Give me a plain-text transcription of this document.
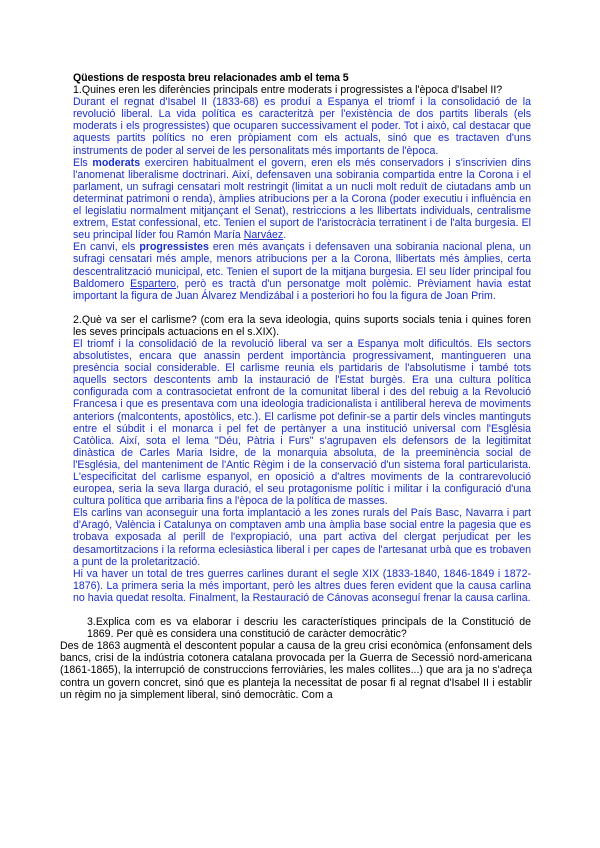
Qüestions de resposta breu relacionades amb el tema 5
1.Quines eren les diferències principals entre moderats i progressistes a l'època d'Isabel II?
Durant el regnat d'Isabel II (1833-68) es produí a Espanya el triomf i la consolidació de la revolució liberal. La vida política es caracteritzà per l'existència de dos partits liberals (els moderats i els progressistes) que ocuparen successivament el poder. Tot i això, cal destacar que aquests partits polítics no eren pròpiament com els actuals, sinó que es tractaven d'uns instruments de poder al servei de les personalitats més importants de l'època.
Els moderats exerciren habitualment el govern, eren els més conservadors i s'inscrivien dins l'anomenat liberalisme doctrinari. Així, defensaven una sobirania compartida entre la Corona i el parlament, un sufragi censatari molt restringit (limitat a un nucli molt reduït de ciutadans amb un determinat patrimoni o renda), àmplies atribucions per a la Corona (poder executiu i influència en el legislatiu normalment mitjançant el Senat), restriccions a les llibertats individuals, centralisme extrem, Estat confessional, etc. Tenien el suport de l'aristocràcia terratinent i de l'alta burgesia. El seu principal líder fou Ramón María Narváez.
En canvi, els progressistes eren més avançats i defensaven una sobirania nacional plena, un sufragi censatari més ample, menors atribucions per a la Corona, llibertats més àmplies, certa descentralització municipal, etc. Tenien el suport de la mitjana burgesia. El seu líder principal fou Baldomero Espartero, però es tractà d'un personatge molt polèmic. Prèviament havia estat important la figura de Juan Álvarez Mendizábal i a posteriori ho fou la figura de Joan Prim.
2.Què va ser el carlisme? (com era la seva ideologia, quins suports socials tenia i quines foren les seves principals actuacions en el s.XIX).
El triomf i la consolidació de la revolució liberal va ser a Espanya molt dificultós. Els sectors absolutistes, encara que anassin perdent importància progressivament, mantingueren una presència social considerable. El carlisme reunia els partidaris de l'absolutisme i també tots aquells sectors descontents amb la instauració de l'Estat burgès. Era una cultura política configurada com a contrasocietat enfront de la comunitat liberal i des del rebuig a la Revolució Francesa i que es presentava com una ideologia tradicionalista i antiliberal hereva de moviments anteriors (malcontents, apostòlics, etc.). El carlisme pot definir-se a partir dels vincles mantinguts entre el súbdit i el monarca i pel fet de pertànyer a una institució universal com l'Església Catòlica. Així, sota el lema "Déu, Pàtria i Furs" s'agrupaven els defensors de la legitimitat dinàstica de Carles Maria Isidre, de la monarquia absoluta, de la preeminència social de l'Església, del manteniment de l'Antic Règim i de la conservació d'un sistema foral particularista. L'especificitat del carlisme espanyol, en oposició a d'altres moviments de la contrarevolució europea, seria la seva llarga duració, el seu protagonisme polític i militar i la configuració d'una cultura política que arribaria fins a l'època de la política de masses.
Els carlins van aconseguir una forta implantació a les zones rurals del País Basc, Navarra i part d'Aragó, València i Catalunya on comptaven amb una àmplia base social entre la pagesia que es trobava exposada al perill de l'expropiació, una part activa del clergat perjudicat per les desamortitzacions i la reforma eclesiàstica liberal i per capes de l'artesanat urbà que es trobaven a punt de la proletarització.
Hi va haver un total de tres guerres carlines durant el segle XIX (1833-1840, 1846-1849 i 1872-1876). La primera seria la més important, però les altres dues feren evident que la causa carlina no havia quedat resolta. Finalment, la Restauració de Cánovas aconseguí frenar la causa carlina.
3.Explica com es va elaborar i descriu les característiques principals de la Constitució de 1869. Per què es considera una constitució de caràcter democràtic?
Des de 1863 augmentà el descontent popular a causa de la greu crisi econòmica (enfonsament dels bancs, crisi de la indústria cotonera catalana provocada per la Guerra de Secessió nord-americana (1861-1865), la interrupció de construccions ferroviàries, les males collites...) que ara ja no s'adreça contra un govern concret, sinó que es planteja la necessitat de posar fi al regnat d'Isabel II i establir un règim no ja simplement liberal, sinó democràtic. Com a
